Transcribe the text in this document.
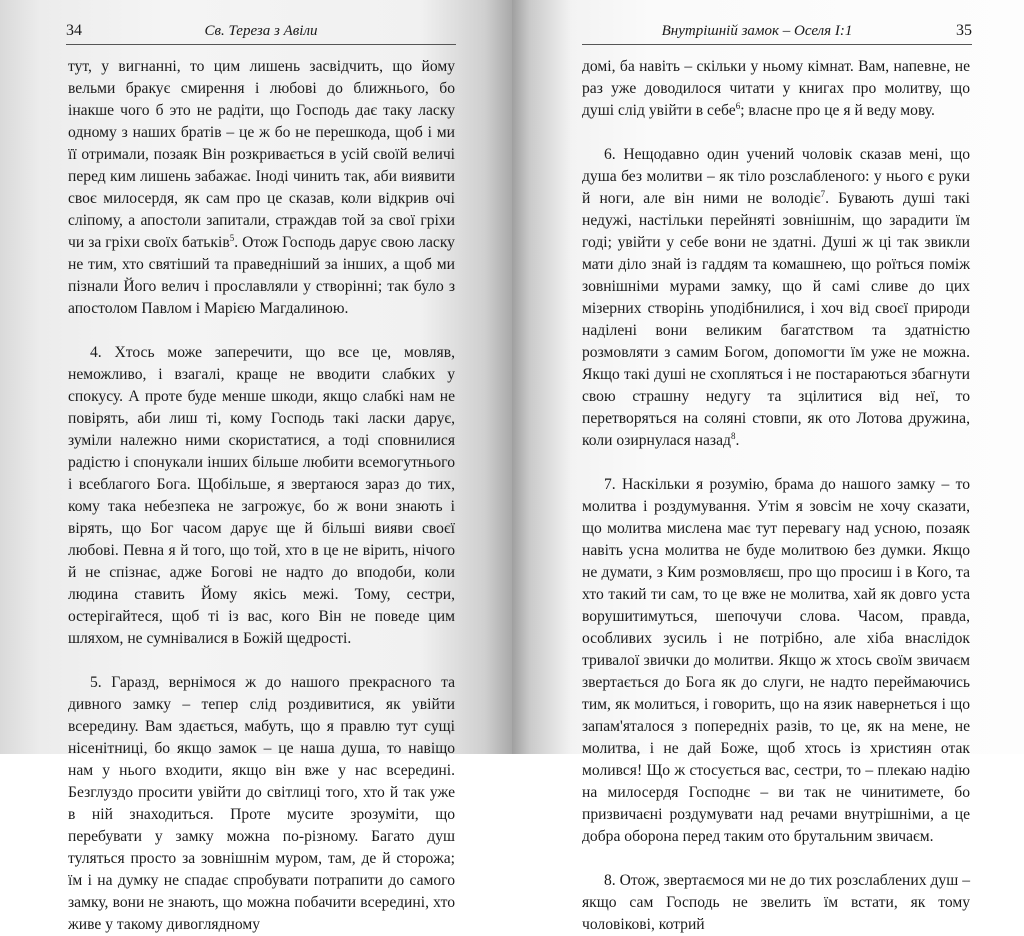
34	Св. Тереза з Авіли

тут, у вигнанні, то цим лишень засвідчить, що йому вельми бракує смирення і любові до ближнього, бо інакше чого б это не радіти, що Господь дає таку ласку одному з наших братів – це ж бо не перешкода, щоб і ми її отримали, позаяк Він розкривається в усій своїй величі перед ким лишень забажає. Іноді чинить так, аби виявити своє милосердя, як сам про це сказав, коли відкрив очі сліпому, а апостоли запитали, страждав той за свої гріхи чи за гріхи своїх батьків$^5$. Отож Господь дарує свою ласку не тим, хто святіший та праведніший за інших, а щоб ми пізнали Його велич і прославляли у створінні; так було з апостолом Павлом і Марією Магдалиною.

4. Хтось може заперечити, що все це, мовляв, неможливо, і взагалі, краще не вводити слабких у спокусу. А проте буде менше шкоди, якщо слабкі нам не повірять, аби лиш ті, кому Господь такі ласки дарує, зуміли належно ними скористатися, а тоді сповнилися радістю і спонукали інших більше любити всемогутнього і всеблагого Бога. Щобільше, я звертаюся зараз до тих, кому така небезпека не загрожує, бо ж вони знають і вірять, що Бог часом дарує ще й більші вияви своєї любові. Певна я й того, що той, хто в це не вірить, нічого й не спізнає, адже Богові не надто до вподоби, коли людина ставить Йому якісь межі. Тому, сестри, остерігайтеся, щоб ті із вас, кого Він не поведе цим шляхом, не сумнівалися в Божій щедрості.

5. Гаразд, вернімося ж до нашого прекрасного та дивного замку – тепер слід роздивитися, як увійти всередину. Вам здається, мабуть, що я правлю тут сущі нісенітниці, бо якщо замок – це наша душа, то навіщо нам у нього входити, якщо він вже у нас всередині. Безглуздо просити увійти до світлиці того, хто й так уже в ній знаходиться. Проте мусите зрозуміти, що перебувати у замку можна по-різному. Багато душ туляться просто за зовнішнім муром, там, де й сторожа; їм і на думку не спадає спробувати потрапити до самого замку, вони не знають, що можна побачити всередині, хто живе у такому дивоглядному

Внутрішній замок – Оселя І:1	35

домі, ба навіть – скільки у ньому кімнат. Вам, напевне, не раз уже доводилося читати у книгах про молитву, що душі слід увійти в себе$^6$; власне про це я й веду мову.

6. Нещодавно один учений чоловік сказав мені, що душа без молитви – як тіло розслабленого: у нього є руки й ноги, але він ними не володіє$^7$. Бувають душі такі недужі, настільки перейняті зовнішнім, що зарадити їм годі; увійти у себе вони не здатні. Душі ж ці так звикли мати діло знай із гаддям та комашнею, що роїться поміж зовнішніми мурами замку, що й самі сливе до цих мізерних створінь уподібнилися, і хоч від своєї природи наділені вони великим багатством та здатністю розмовляти з самим Богом, допомогти їм уже не можна. Якщо такі душі не схопляться і не постараються збагнути свою страшну недугу та зцілитися від неї, то перетворяться на соляні стовпи, як ото Лотова дружина, коли озирнулася назад$^8$.

7. Наскільки я розумію, брама до нашого замку – то молитва і роздумування. Утім я зовсім не хочу сказати, що молитва мислена має тут перевагу над усною, позаяк навіть усна молитва не буде молитвою без думки. Якщо не думати, з Ким розмовляєш, про що просиш і в Кого, та хто такий ти сам, то це вже не молитва, хай як довго уста ворушитимуться, шепочучи слова. Часом, правда, особливих зусиль і не потрібно, але хіба внаслідок тривалої звички до молитви. Якщо ж хтось своїм звичаєм звертається до Бога як до слуги, не надто переймаючись тим, як молиться, і говорить, що на язик навернеться і що запам'яталося з попередніх разів, то це, як на мене, не молитва, і не дай Боже, щоб хтось із християн отак молився! Що ж стосується вас, сестри, то – плекаю надію на милосердя Господнє – ви так не чинитимете, бо призвичаєні роздумувати над речами внутрішніми, а це добра оборона перед таким ото брутальним звичаєм.

8. Отож, звертаємося ми не до тих розслаблених душ – якщо сам Господь не звелить їм встати, як тому чоловікові, котрий
